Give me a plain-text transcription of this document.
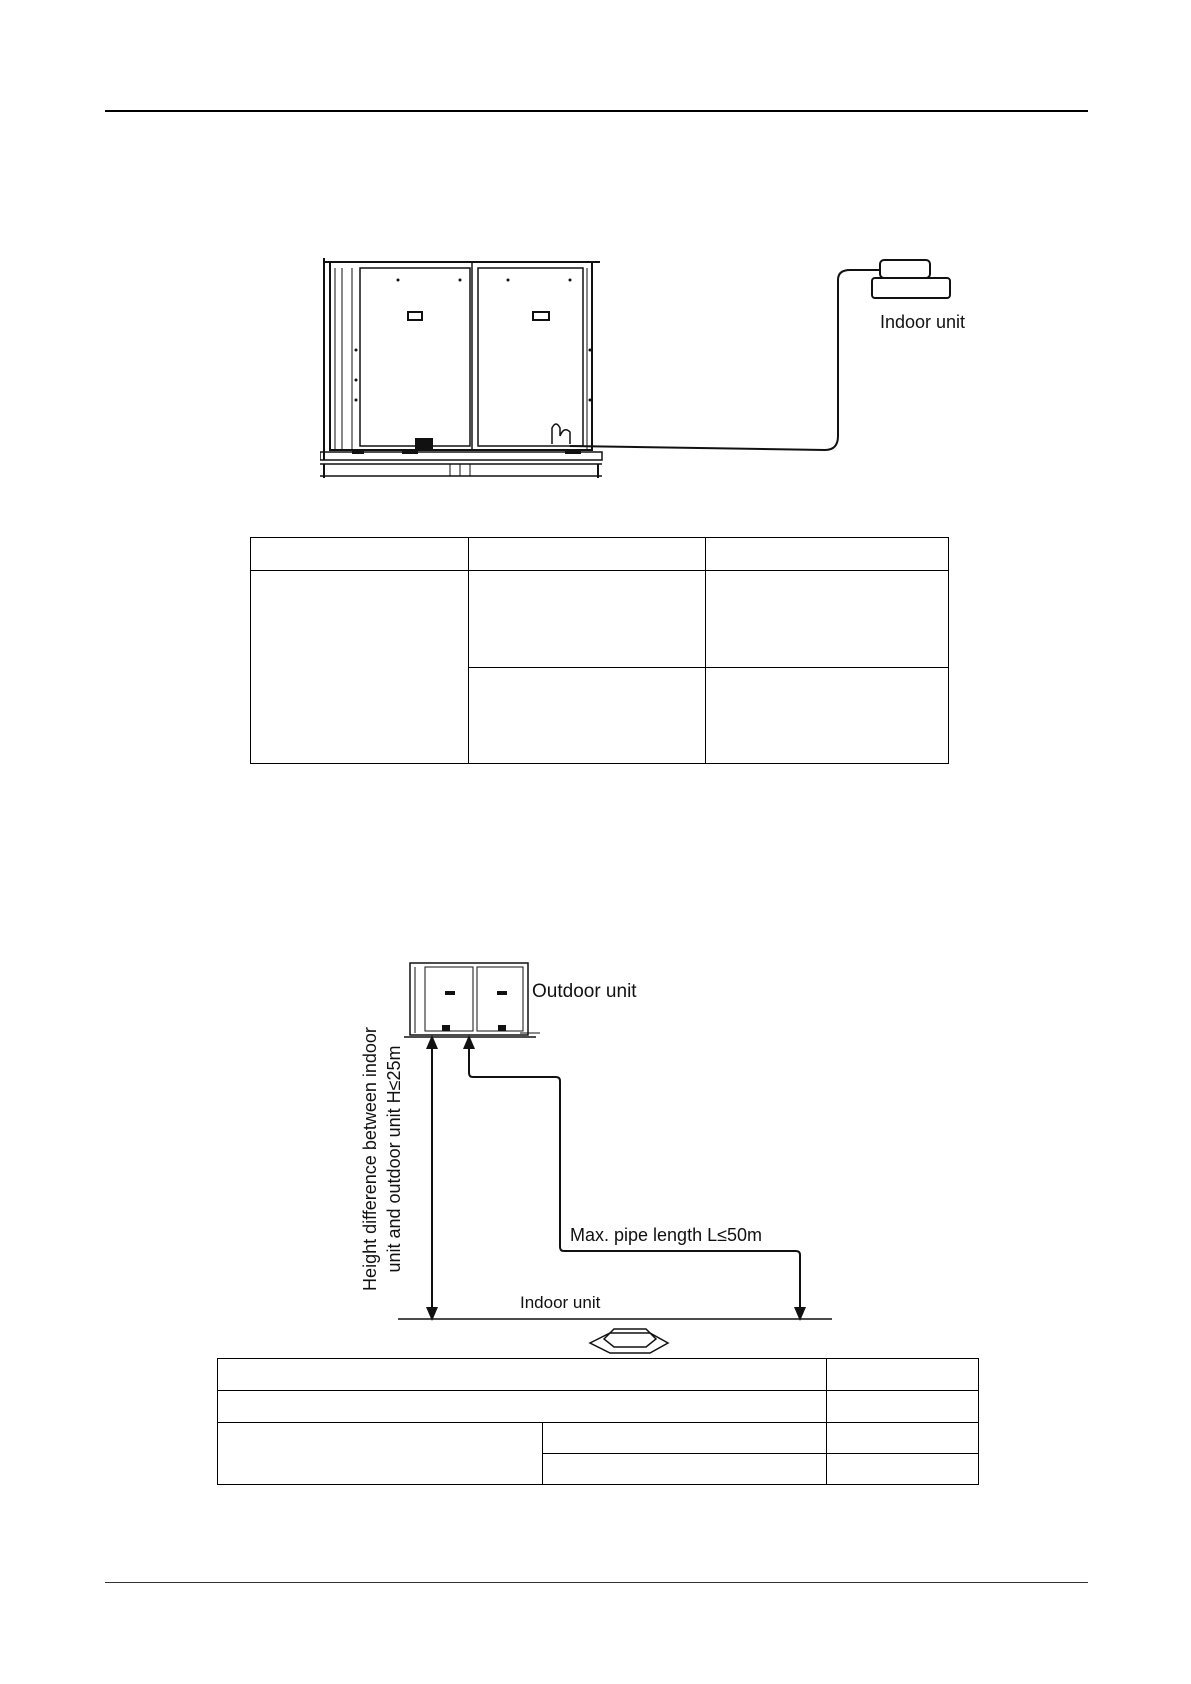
Indoor unit

Outdoor unit
Max. pipe length L≤50m
Indoor unit
Height difference between indoor unit and outdoor unit H≤25m
